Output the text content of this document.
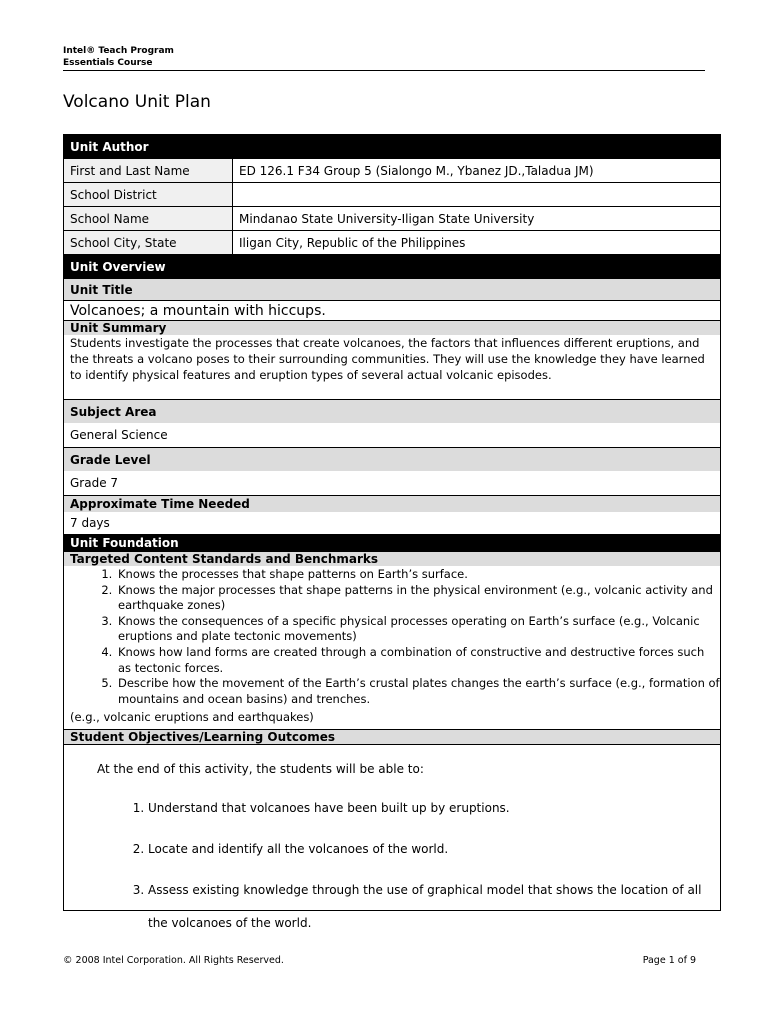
Intel® Teach Program
Essentials Course
Volcano Unit Plan
Unit Author
First and Last Name	ED 126.1 F34 Group 5 (Sialongo M., Ybanez JD.,Taladua JM)
School District
School Name	Mindanao State University-Iligan State University
School City, State	Iligan City, Republic of the Philippines
Unit Overview
Unit Title
Volcanoes; a mountain with hiccups.
Unit Summary
Students investigate the processes that create volcanoes, the factors that influences different eruptions, and the threats a volcano poses to their surrounding communities. They will use the knowledge they have learned to identify physical features and eruption types of several actual volcanic episodes.
Subject Area
General Science
Grade Level
Grade 7
Approximate Time Needed
7 days
Unit Foundation
Targeted Content Standards and Benchmarks
1. Knows the processes that shape patterns on Earth’s surface.
2. Knows the major processes that shape patterns in the physical environment (e.g., volcanic activity and earthquake zones)
3. Knows the consequences of a specific physical processes operating on Earth’s surface (e.g., Volcanic eruptions and plate tectonic movements)
4. Knows how land forms are created through a combination of constructive and destructive forces such as tectonic forces.
5. Describe how the movement of the Earth’s crustal plates changes the earth’s surface (e.g., formation of mountains and ocean basins) and trenches.
(e.g., volcanic eruptions and earthquakes)
Student Objectives/Learning Outcomes
At the end of this activity, the students will be able to:
1. Understand that volcanoes have been built up by eruptions.
2. Locate and identify all the volcanoes of the world.
3. Assess existing knowledge through the use of graphical model that shows the location of all the volcanoes of the world.
© 2008 Intel Corporation. All Rights Reserved.	Page 1 of 9
